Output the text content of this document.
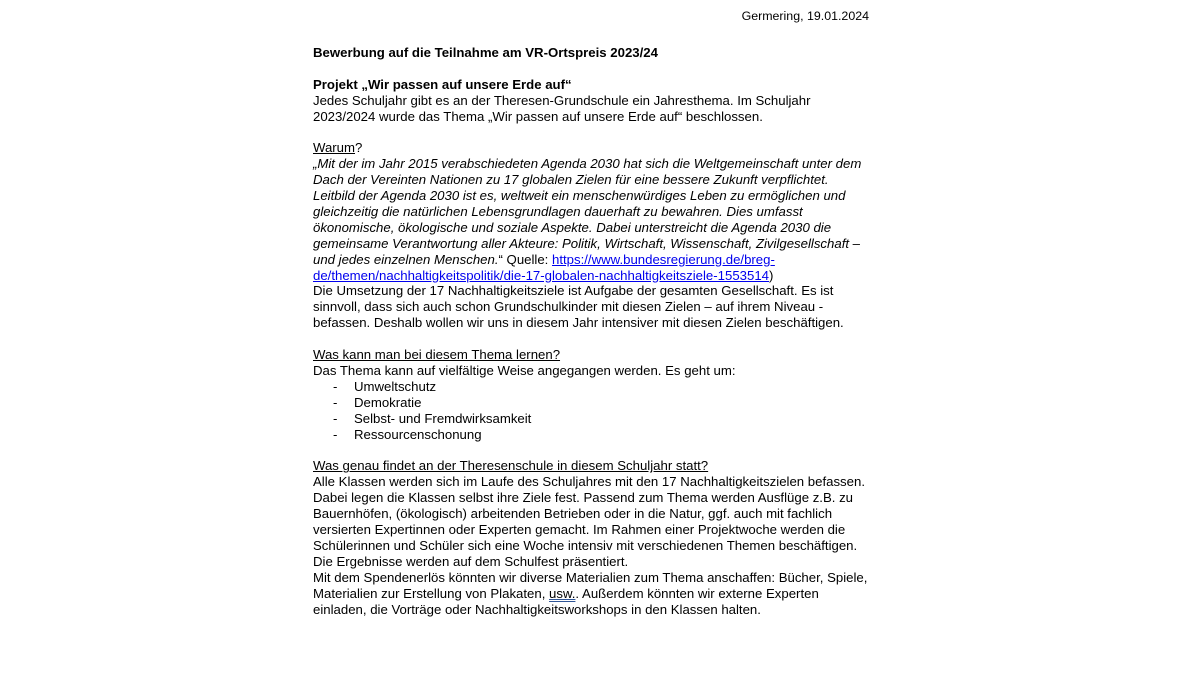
Germering, 19.01.2024
Bewerbung auf die Teilnahme am VR-Ortspreis 2023/24
Projekt „Wir passen auf unsere Erde auf“

Jedes Schuljahr gibt es an der Theresen-Grundschule ein Jahresthema. Im Schuljahr 2023/2024 wurde das Thema „Wir passen auf unsere Erde auf“ beschlossen.

Warum?

„Mit der im Jahr 2015 verabschiedeten Agenda 2030 hat sich die Weltgemeinschaft unter dem Dach der Vereinten Nationen zu 17 globalen Zielen für eine bessere Zukunft verpflichtet. Leitbild der Agenda 2030 ist es, weltweit ein menschenwürdiges Leben zu ermöglichen und gleichzeitig die natürlichen Lebensgrundlagen dauerhaft zu bewahren. Dies umfasst ökonomische, ökologische und soziale Aspekte. Dabei unterstreicht die Agenda 2030 die gemeinsame Verantwortung aller Akteure: Politik, Wirtschaft, Wissenschaft, Zivilgesellschaft – und jedes einzelnen Menschen.“ Quelle: https://www.bundesregierung.de/breg-de/themen/nachhaltigkeitspolitik/die-17-globalen-nachhaltigkeitsziele-1553514)

Die Umsetzung der 17 Nachhaltigkeitsziele ist Aufgabe der gesamten Gesellschaft. Es ist sinnvoll, dass sich auch schon Grundschulkinder mit diesen Zielen – auf ihrem Niveau - befassen. Deshalb wollen wir uns in diesem Jahr intensiver mit diesen Zielen beschäftigen.

Was kann man bei diesem Thema lernen?

Das Thema kann auf vielfältige Weise angegangen werden. Es geht um:

- Umweltschutz
- Demokratie
- Selbst- und Fremdwirksamkeit
- Ressourcenschonung
Was genau findet an der Theresenschule in diesem Schuljahr statt?

Alle Klassen werden sich im Laufe des Schuljahres mit den 17 Nachhaltigkeitszielen befassen. Dabei legen die Klassen selbst ihre Ziele fest. Passend zum Thema werden Ausflüge z.B. zu Bauernhöfen, (ökologisch) arbeitenden Betrieben oder in die Natur, ggf. auch mit fachlich versierten Expertinnen oder Experten gemacht. Im Rahmen einer Projektwoche werden die Schülerinnen und Schüler sich eine Woche intensiv mit verschiedenen Themen beschäftigen. Die Ergebnisse werden auf dem Schulfest präsentiert.

Mit dem Spendenerlös könnten wir diverse Materialien zum Thema anschaffen: Bücher, Spiele, Materialien zur Erstellung von Plakaten, usw.. Außerdem könnten wir externe Experten einladen, die Vorträge oder Nachhaltigkeitsworkshops in den Klassen halten.
